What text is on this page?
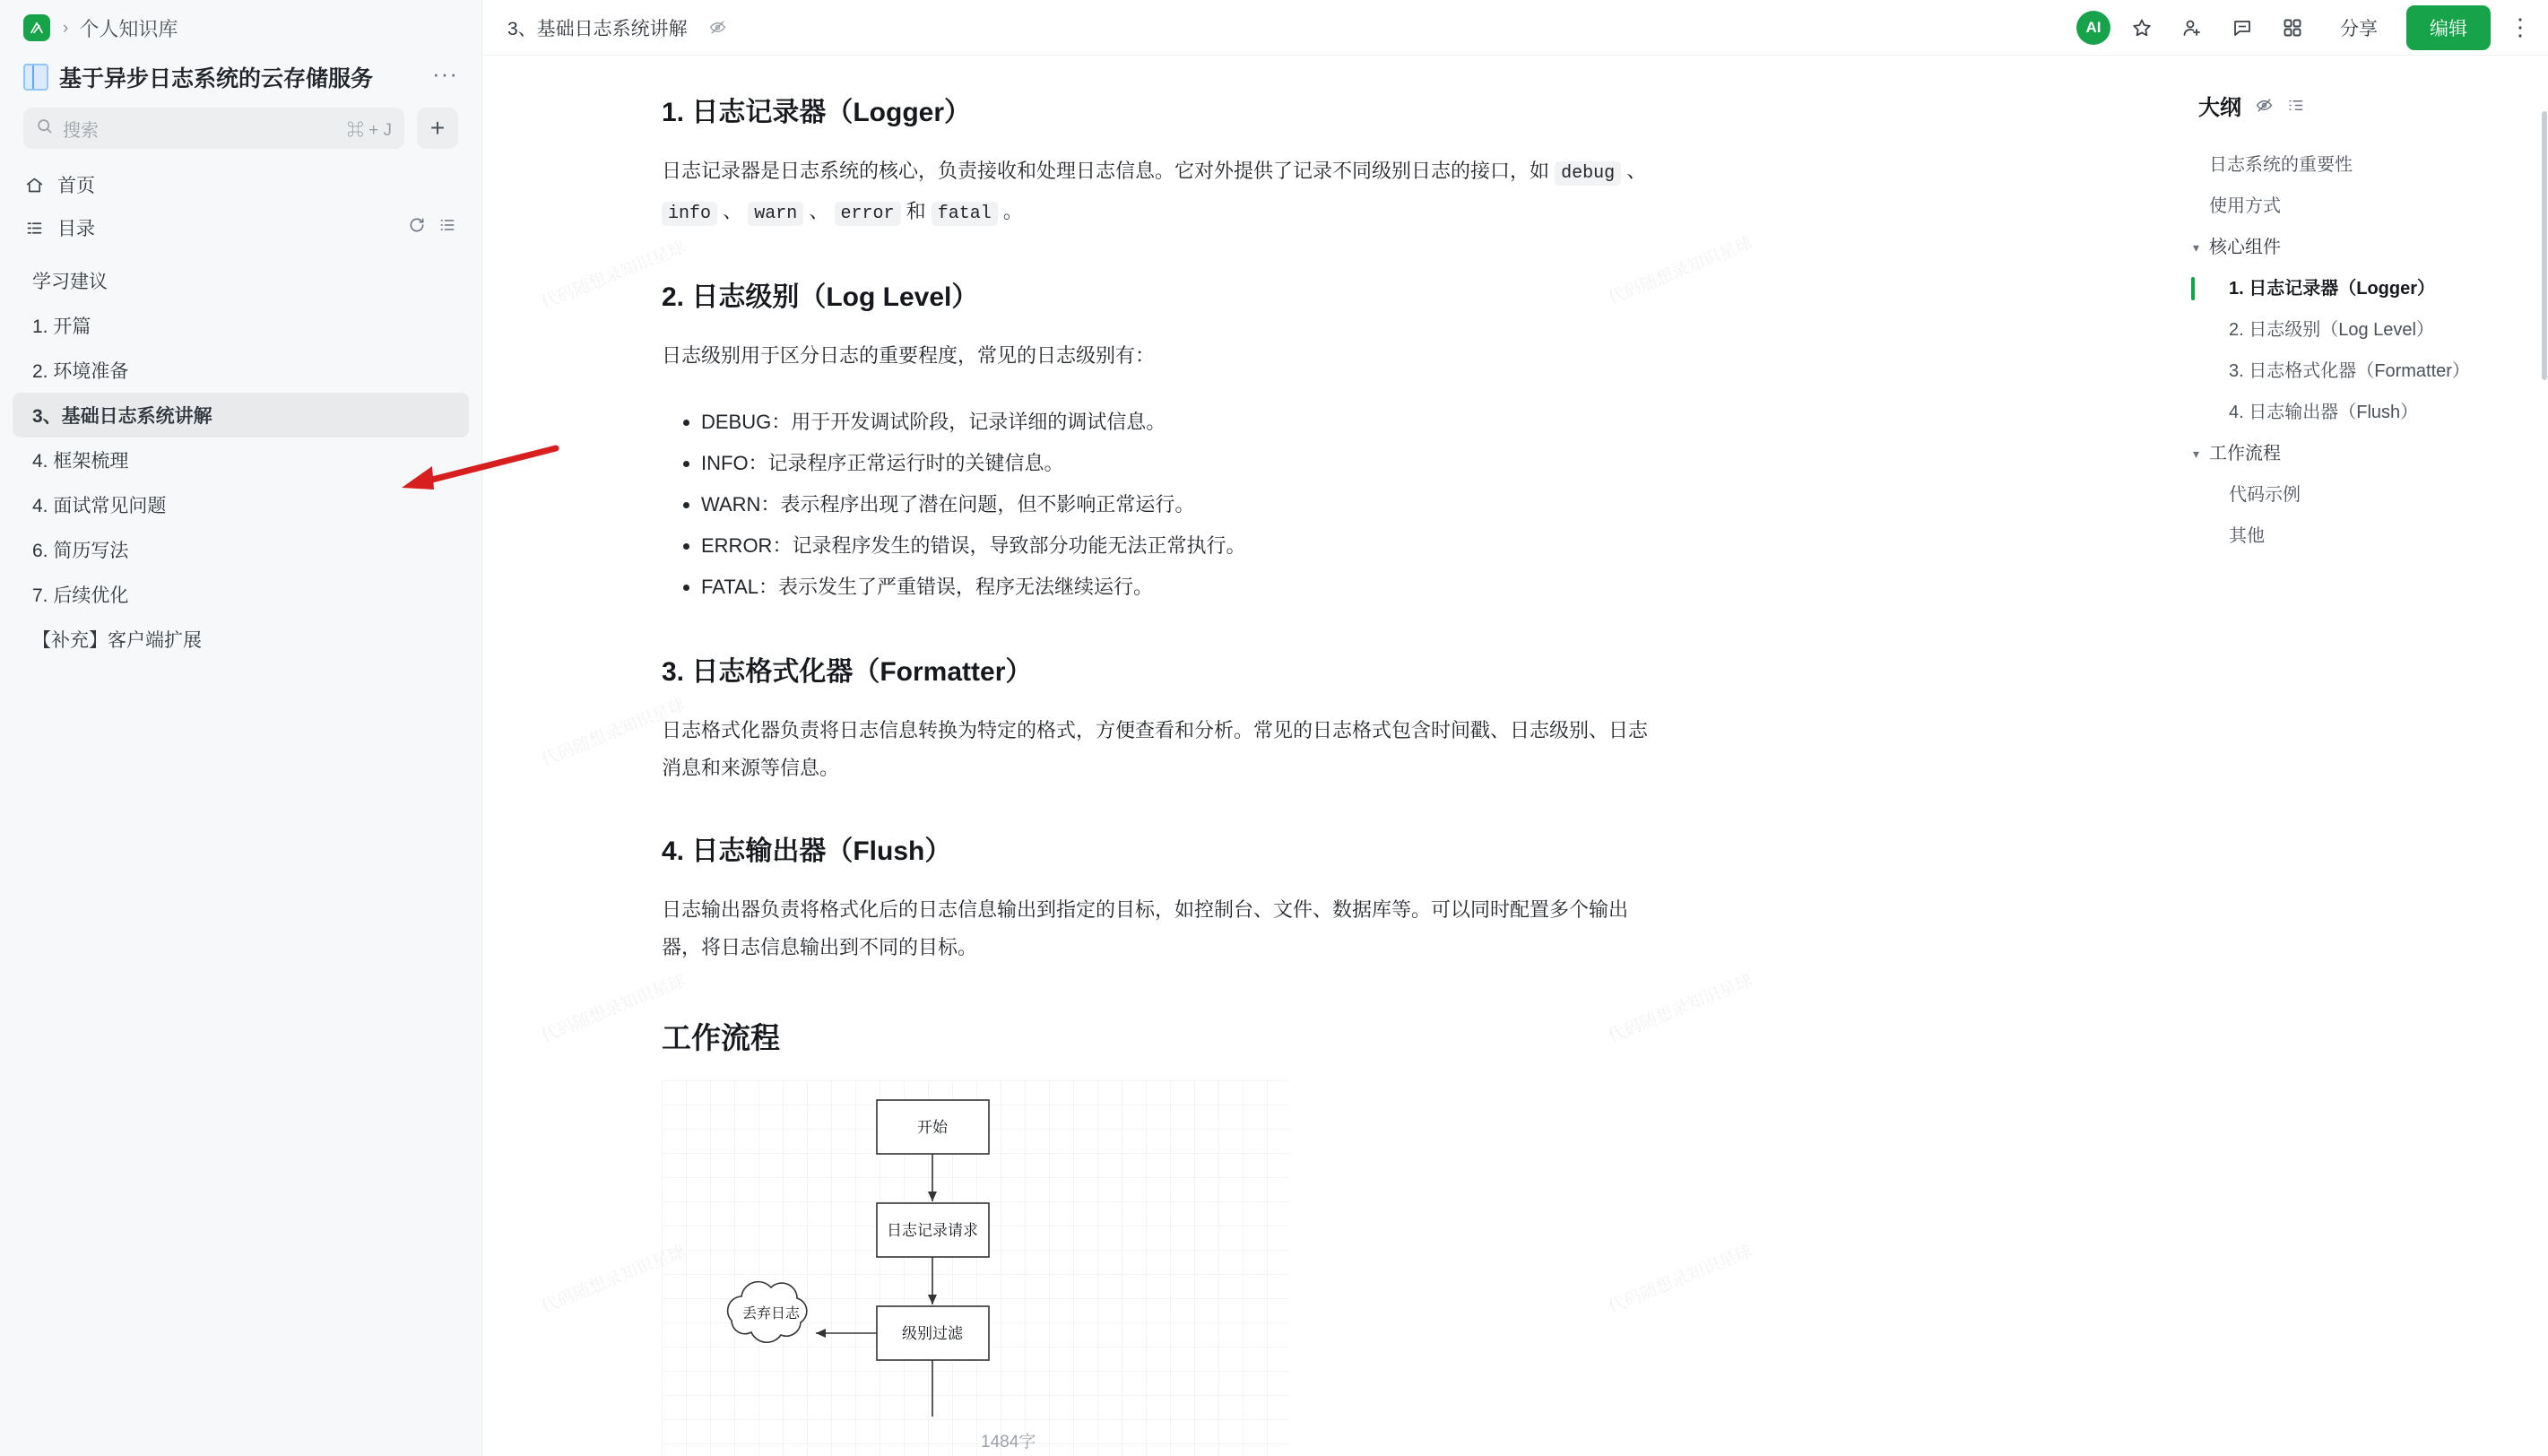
› 个人知识库
基于异步日志系统的云存储服务	···
搜索	⌘ + J	+
首页
目录
学习建议
1. 开篇
2. 环境准备
3、基础日志系统讲解
4. 框架梳理
4. 面试常见问题
6. 简历写法
7. 后续优化
【补充】客户端扩展
3、基础日志系统讲解	AI	分享	编辑	⋮
代码随想录知识星球
代码随想录知识星球
代码随想录知识星球
代码随想录知识星球
代码随想录知识星球
代码随想录知识星球
代码随想录知识星球
1. 日志记录器（Logger）

日志记录器是日志系统的核心，负责接收和处理日志信息。它对外提供了记录不同级别日志的接口，如 debug 、 info 、 warn 、 error 和 fatal 。

2. 日志级别（Log Level）

日志级别用于区分日志的重要程度，常见的日志级别有：

• DEBUG：用于开发调试阶段，记录详细的调试信息。
• INFO：记录程序正常运行时的关键信息。
• WARN：表示程序出现了潜在问题，但不影响正常运行。
• ERROR：记录程序发生的错误，导致部分功能无法正常执行。
• FATAL：表示发生了严重错误，程序无法继续运行。
3. 日志格式化器（Formatter）

日志格式化器负责将日志信息转换为特定的格式，方便查看和分析。常见的日志格式包含时间戳、日志级别、日志消息和来源等信息。

4. 日志输出器（Flush）

日志输出器负责将格式化后的日志信息输出到指定的目标，如控制台、文件、数据库等。可以同时配置多个输出器，将日志信息输出到不同的目标。

工作流程
开始
日志记录请求
级别过滤
丢弃日志
1484字
大纲
日志系统的重要性
使用方式
▾ 核心组件
1. 日志记录器（Logger）
2. 日志级别（Log Level）
3. 日志格式化器（Formatter）
4. 日志输出器（Flush）
▾ 工作流程
代码示例
其他
